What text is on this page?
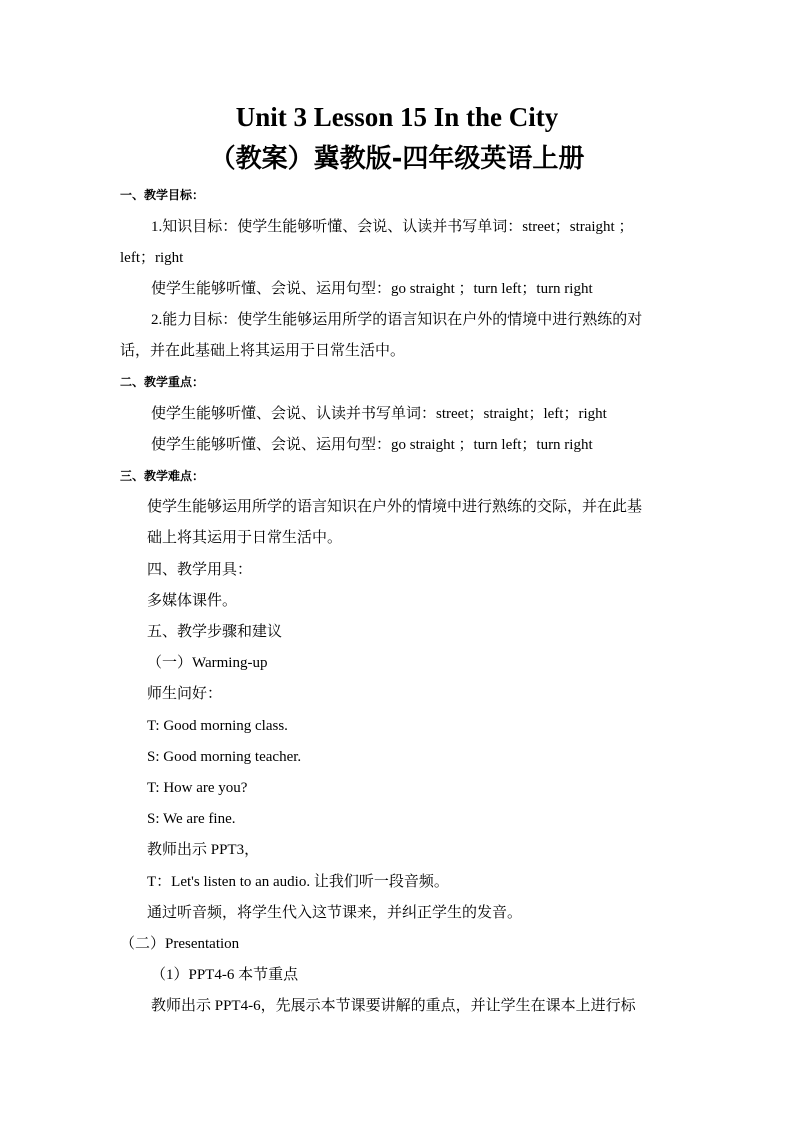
Unit 3 Lesson 15 In the City
（教案）冀教版-四年级英语上册
一、教学目标：
1.知识目标：使学生能够听懂、会说、认读并书写单词：street；straight ；
left；right
使学生能够听懂、会说、运用句型：go straight ；turn left；turn right
2.能力目标：使学生能够运用所学的语言知识在户外的情境中进行熟练的对
话，并在此基础上将其运用于日常生活中。
二、教学重点：
使学生能够听懂、会说、认读并书写单词：street；straight；left；right
使学生能够听懂、会说、运用句型：go straight ；turn left；turn right
三、教学难点：
使学生能够运用所学的语言知识在户外的情境中进行熟练的交际，并在此基
础上将其运用于日常生活中。
四、教学用具：
多媒体课件。
五、教学步骤和建议
（一）Warming-up
师生问好：
T: Good morning class.
S: Good morning teacher.
T: How are you?
S: We are fine.
教师出示 PPT3，
T：Let's listen to an audio. 让我们听一段音频。
通过听音频，将学生代入这节课来，并纠正学生的发音。
（二）Presentation
（1）PPT4-6 本节重点
教师出示 PPT4-6，先展示本节课要讲解的重点，并让学生在课本上进行标
